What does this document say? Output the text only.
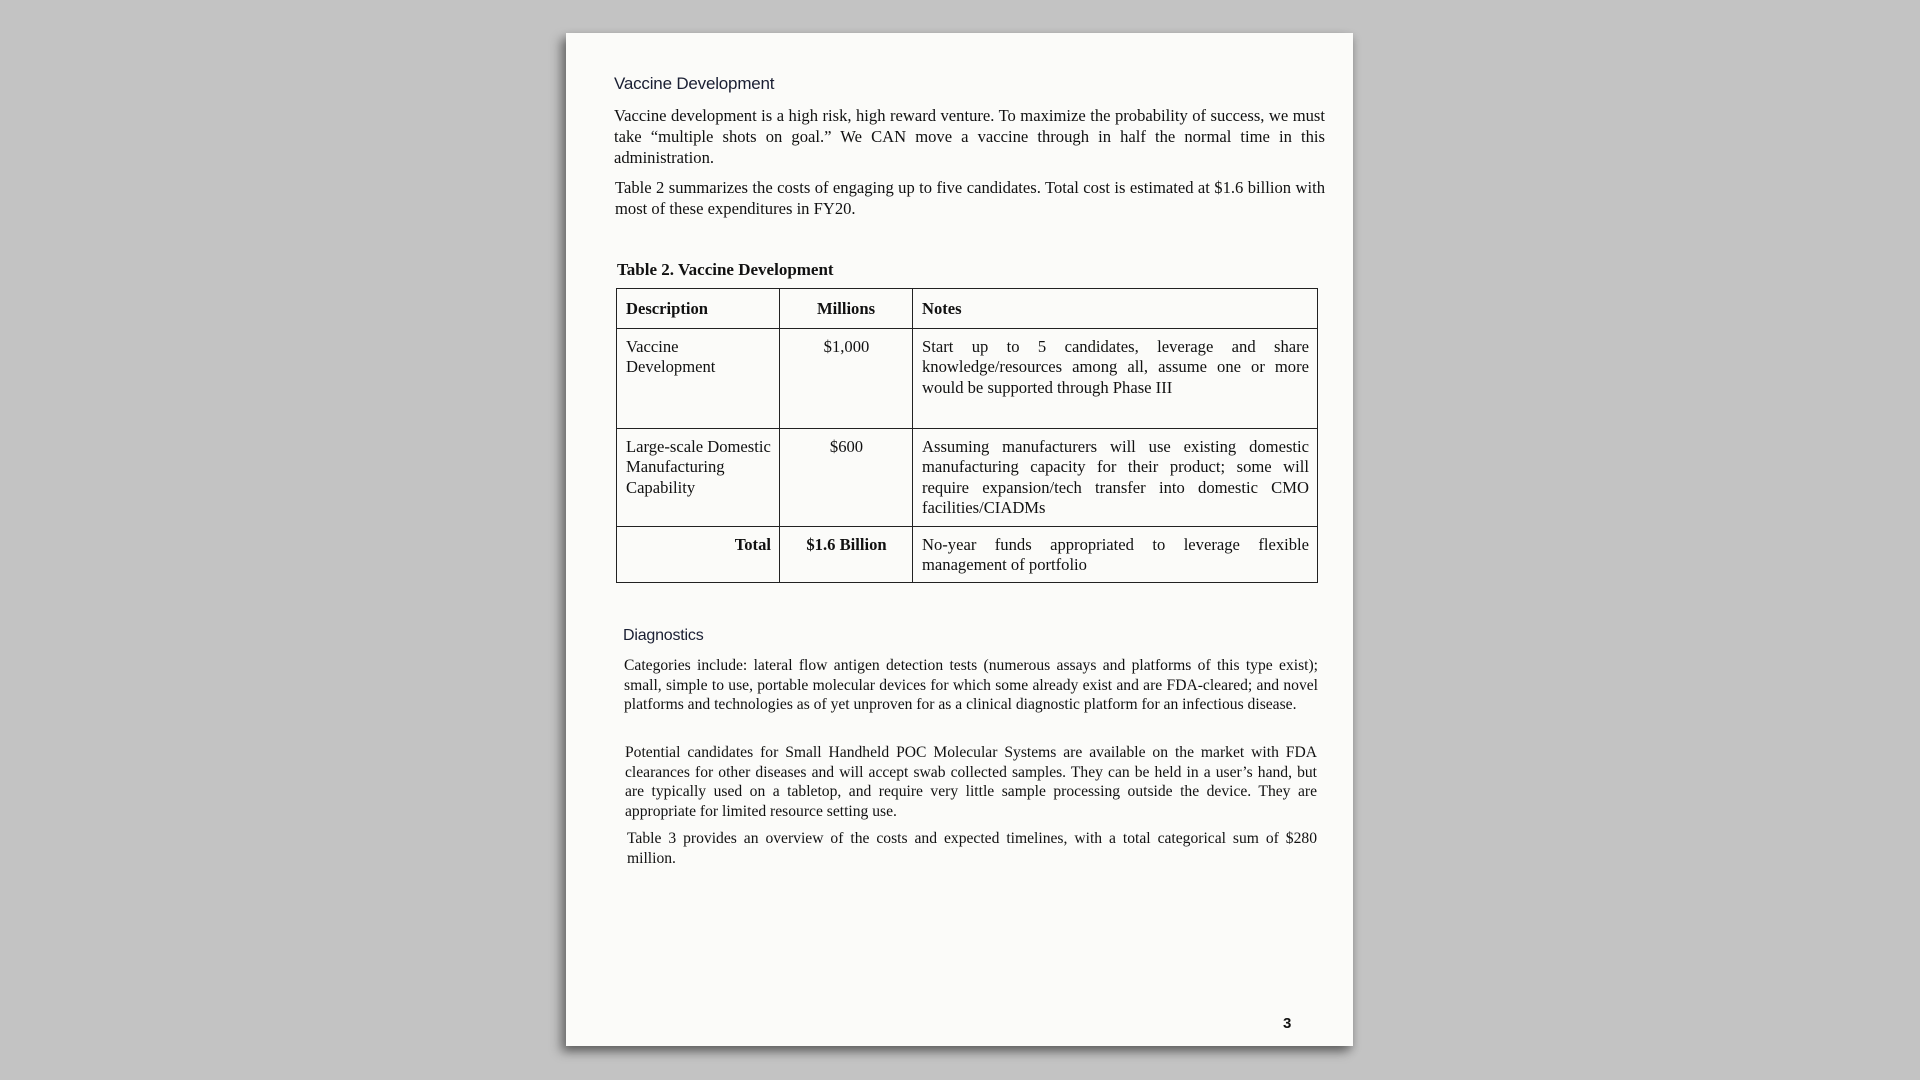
Vaccine Development
Vaccine development is a high risk, high reward venture. To maximize the probability of success, we must take “multiple shots on goal.” We CAN move a vaccine through in half the normal time in this administration.
Table 2 summarizes the costs of engaging up to five candidates. Total cost is estimated at $1.6 billion with most of these expenditures in FY20.
Table 2. Vaccine Development
Description	Millions	Notes
Vaccine Development	$1,000	Start up to 5 candidates, leverage and share knowledge/resources among all, assume one or more would be supported through Phase III
Large-scale Domestic Manufacturing Capability	$600	Assuming manufacturers will use existing domestic manufacturing capacity for their product; some will require expansion/tech transfer into domestic CMO facilities/CIADMs
Total	$1.6 Billion	No-year funds appropriated to leverage flexible management of portfolio
Diagnostics
Categories include: lateral flow antigen detection tests (numerous assays and platforms of this type exist); small, simple to use, portable molecular devices for which some already exist and are FDA-cleared; and novel platforms and technologies as of yet unproven for as a clinical diagnostic platform for an infectious disease.
Potential candidates for Small Handheld POC Molecular Systems are available on the market with FDA clearances for other diseases and will accept swab collected samples. They can be held in a user’s hand, but are typically used on a tabletop, and require very little sample processing outside the device. They are appropriate for limited resource setting use.
Table 3 provides an overview of the costs and expected timelines, with a total categorical sum of $280 million.
3
